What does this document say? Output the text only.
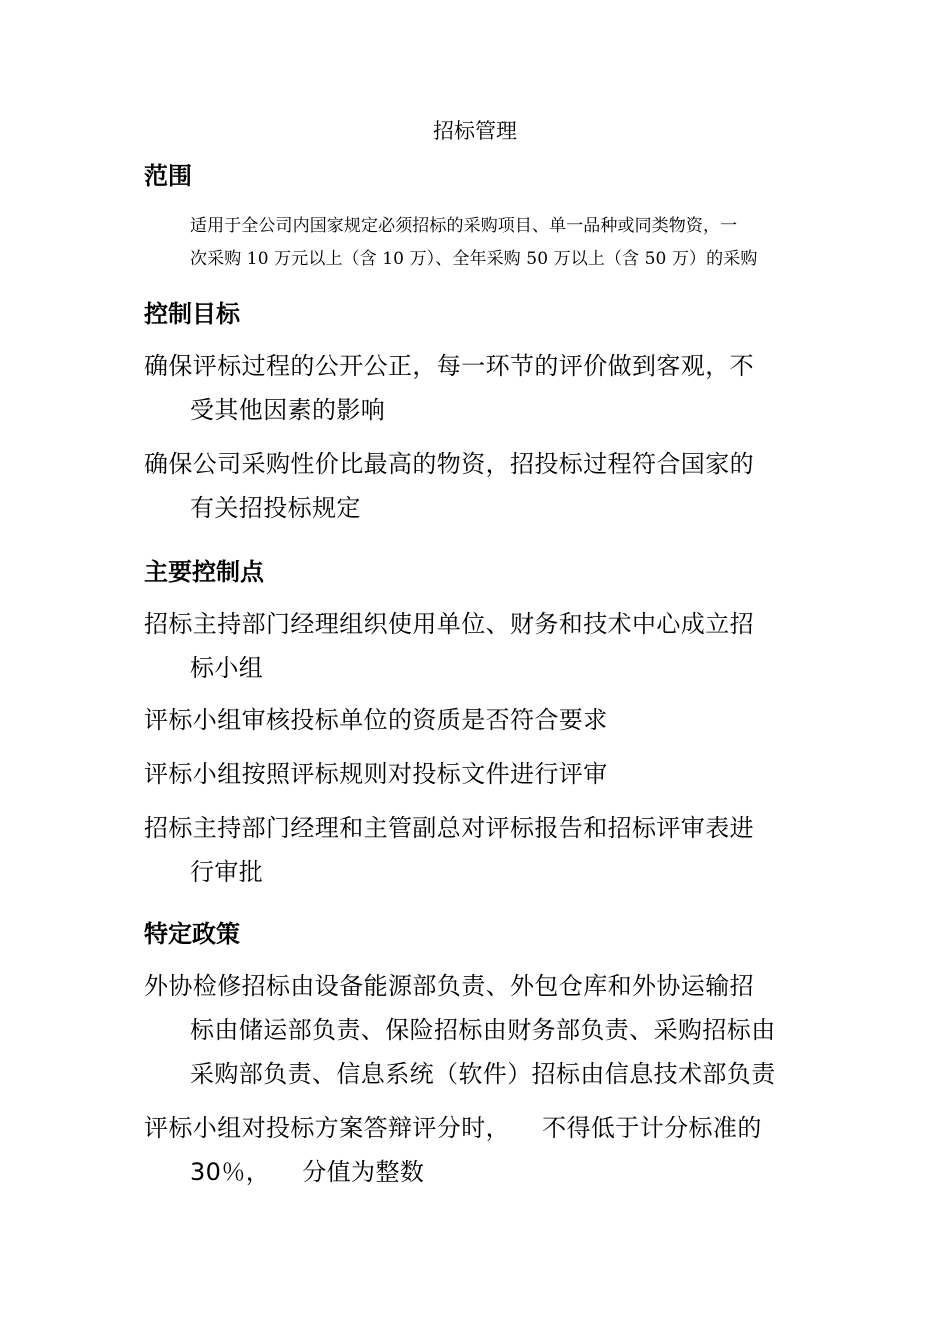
招标管理
范围
适用于全公司内国家规定必须招标的采购项目、单一品种或同类物资，一
次采购 10 万元以上（含 10 万）、全年采购 50 万以上（含 50 万）的采购
控制目标
确保评标过程的公开公正，每一环节的评价做到客观，不
受其他因素的影响
确保公司采购性价比最高的物资，招投标过程符合国家的
有关招投标规定
主要控制点
招标主持部门经理组织使用单位、财务和技术中心成立招
标小组
评标小组审核投标单位的资质是否符合要求
评标小组按照评标规则对投标文件进行评审
招标主持部门经理和主管副总对评标报告和招标评审表进
行审批
特定政策
外协检修招标由设备能源部负责、外包仓库和外协运输招
标由储运部负责、保险招标由财务部负责、采购招标由
采购部负责、信息系统（软件）招标由信息技术部负责
评标小组对投标方案答辩评分时，    不得低于计分标准的
30％，    分值为整数
